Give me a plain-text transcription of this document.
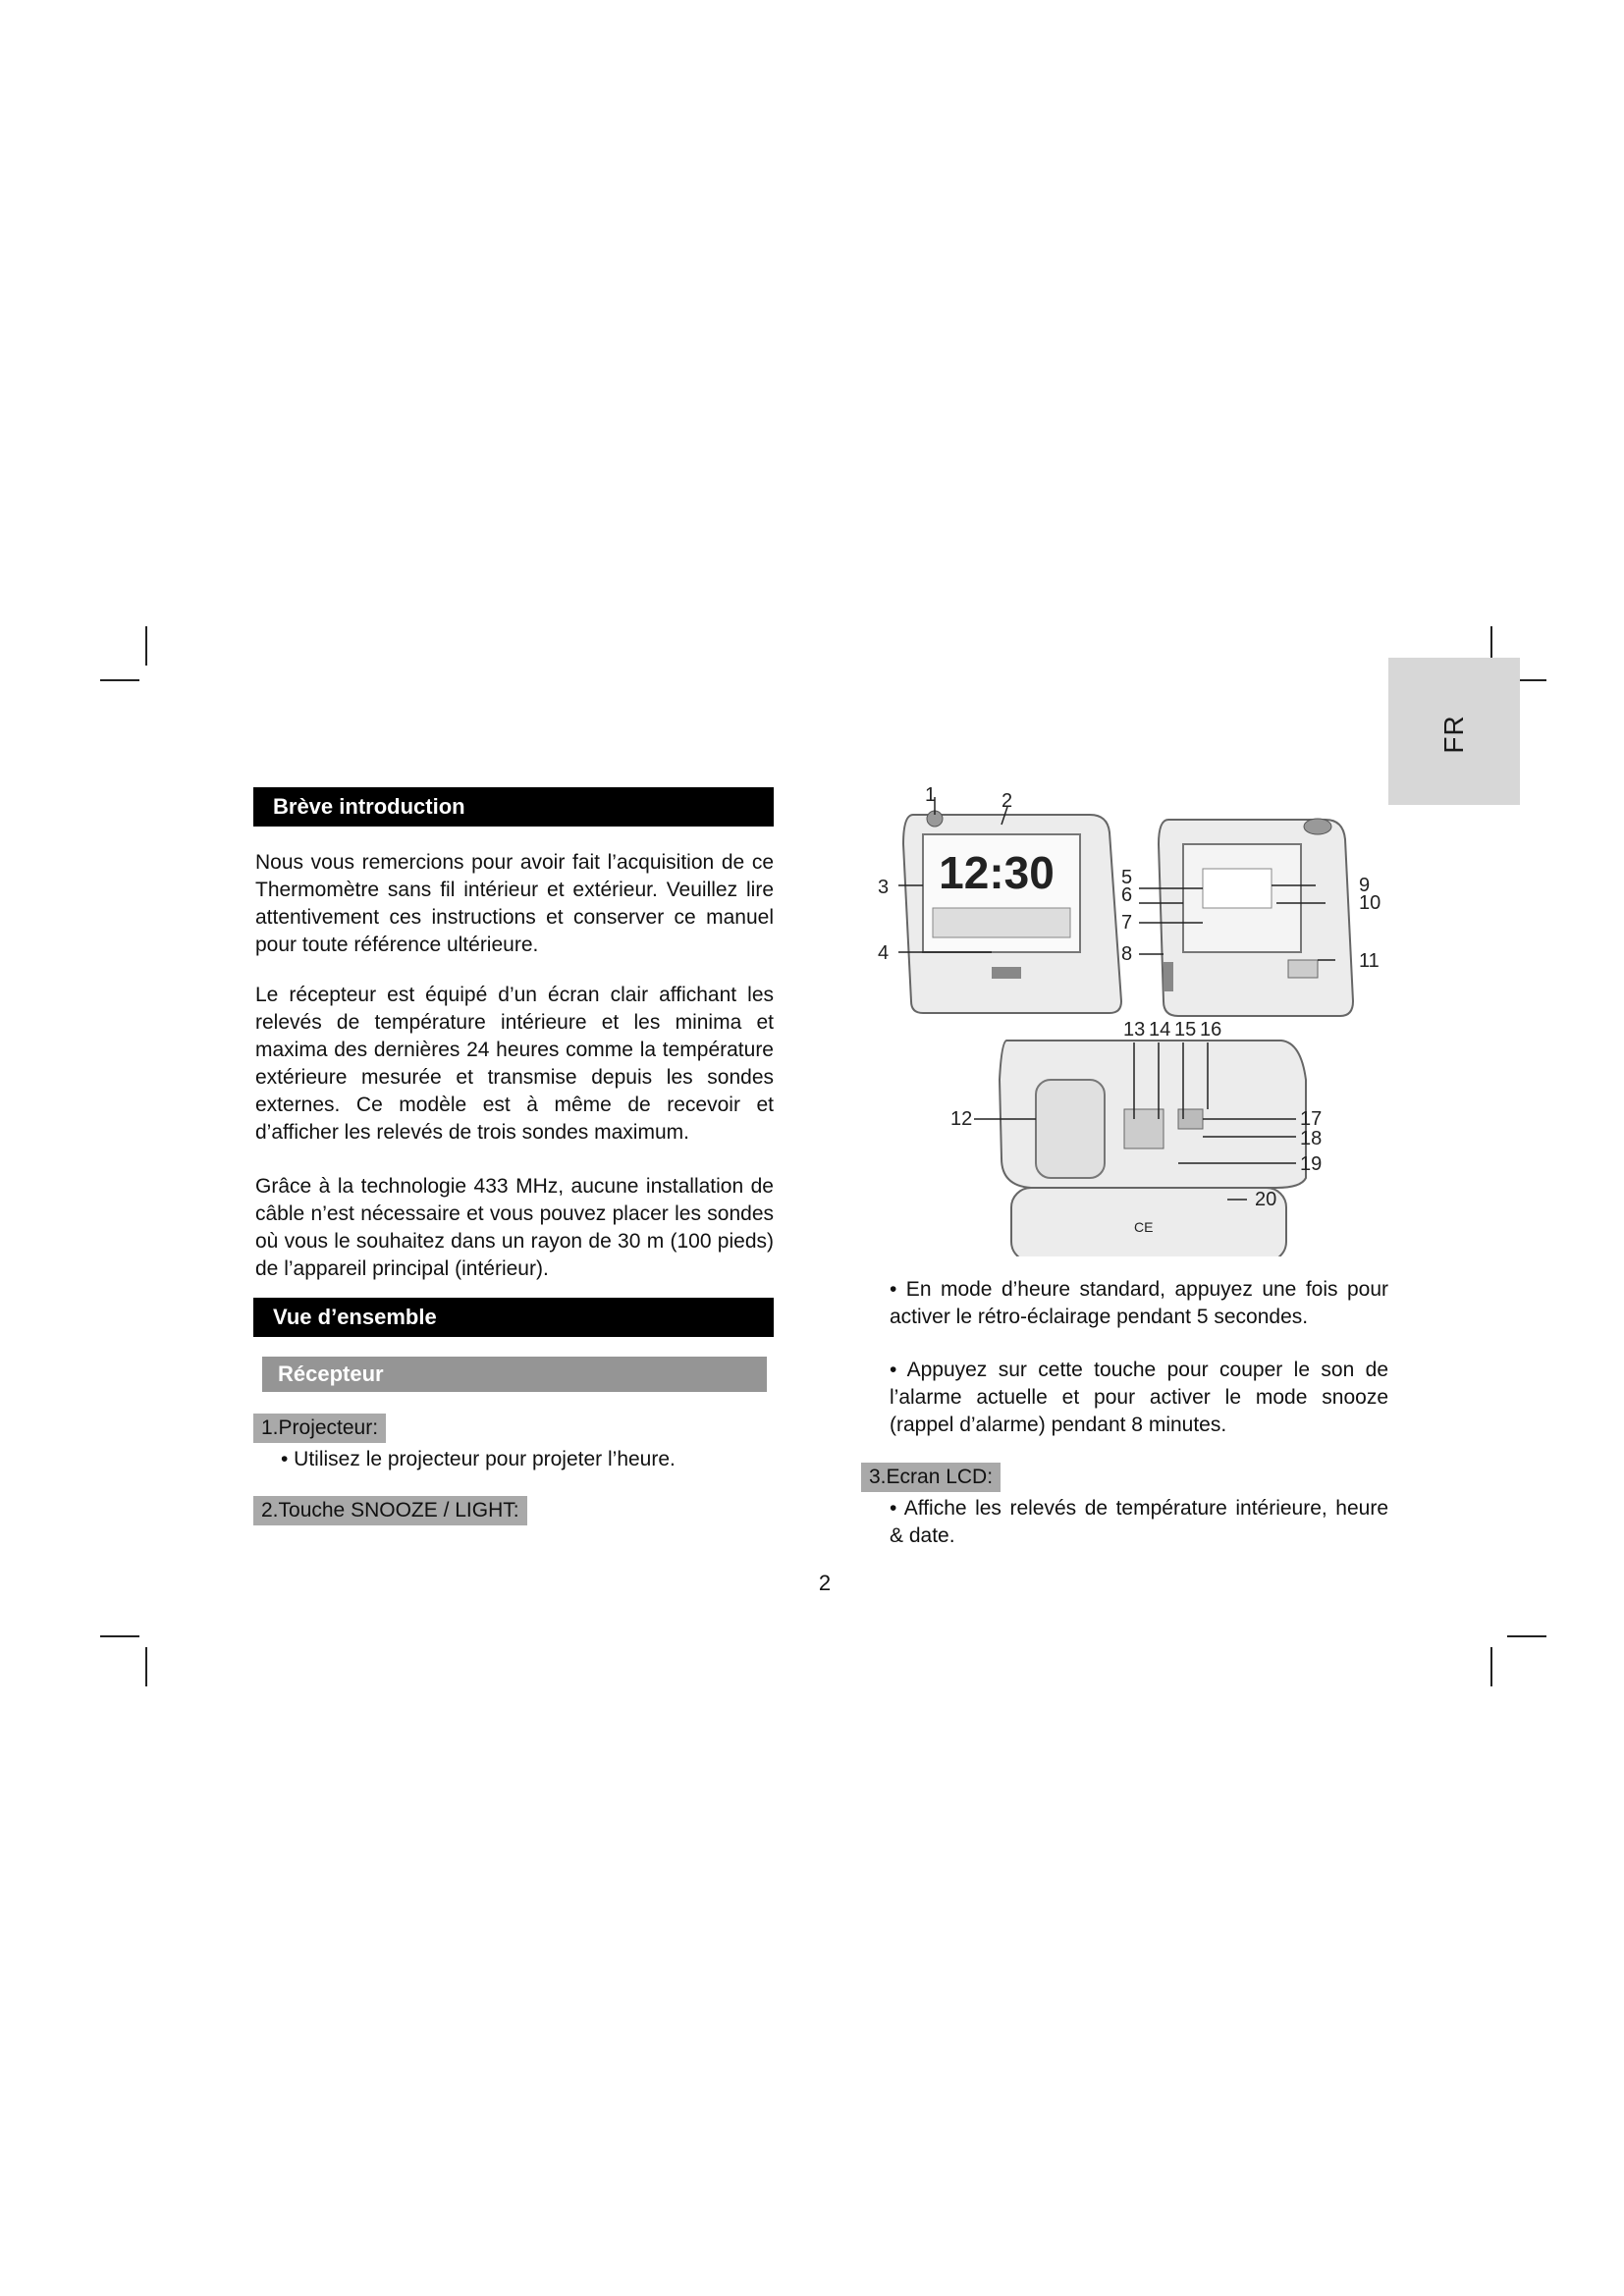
FR
Brève introduction

Nous vous remercions pour avoir fait l’acquisition de ce Thermomètre sans fil intérieur et extérieur. Veuillez lire attentivement ces instructions et conserver ce manuel pour toute référence ultérieure.

Le récepteur est équipé d’un écran clair affichant les relevés de température intérieure et les minima et maxima des dernières 24 heures comme la température extérieure mesurée et transmise depuis les sondes externes. Ce modèle est à même de recevoir et d’afficher les relevés de trois sondes maximum.

Grâce à la technologie 433 MHz, aucune installation de câble n’est nécessaire et vous pouvez placer les sondes où vous le souhaitez dans un rayon de 30 m (100 pieds) de l’appareil principal (intérieur).

Vue d’ensemble
Récepteur
1.Projecteur:

• Utilisez le projecteur pour projeter l’heure.

2.Touche SNOOZE / LIGHT:
12:30
CE
1	2
3
4
5
6
7
8
9
10
11
13 14 15 16
12	17
18
19
20

• En mode d’heure standard, appuyez une fois pour activer le rétro-éclairage pendant 5 secondes.

• Appuyez sur cette touche pour couper le son de l’alarme actuelle et pour activer le mode snooze (rappel d’alarme) pendant 8 minutes.

3.Ecran LCD:

• Affiche les relevés de température intérieure, heure & date.

2
